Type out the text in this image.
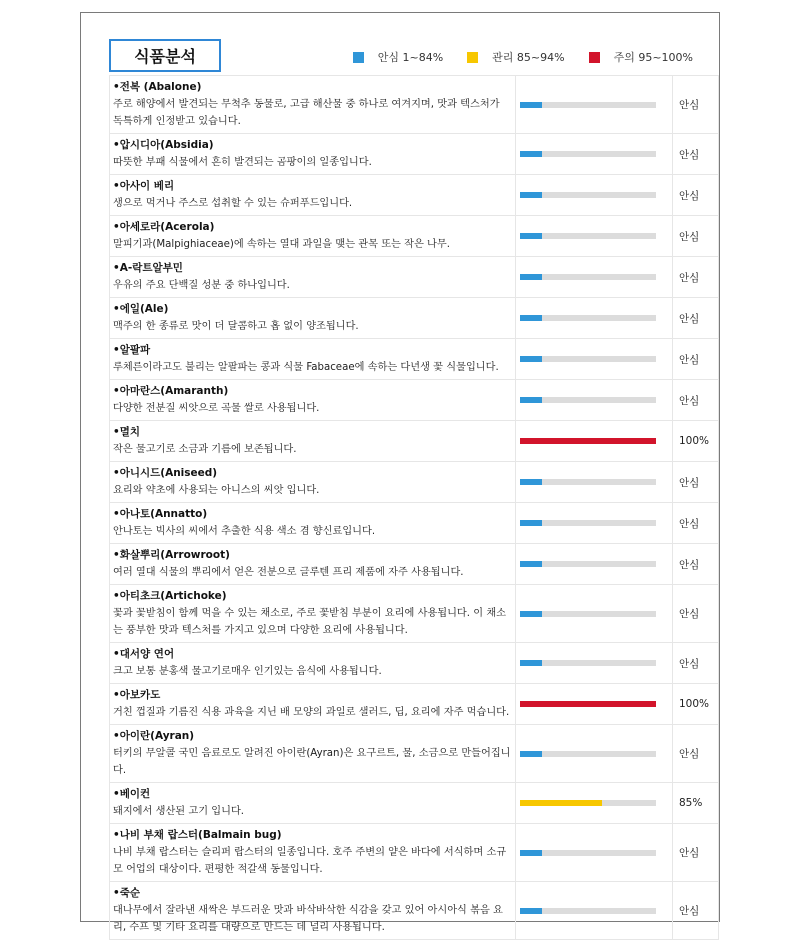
식품분석	안심 1~84%	관리 85~94%	주의 95~100%
•전복 (Abalone)
주로 해양에서 발견되는 무척추 동물로, 고급 해산물 중 하나로 여겨지며, 맛과 텍스처가 독특하게 인정받고 있습니다.		안심

•압시디아(Absidia)
따뜻한 부패 식물에서 흔히 발견되는 곰팡이의 일종입니다.		안심

•아사이 베리
생으로 먹거나 주스로 섭취할 수 있는 슈퍼푸드입니다.		안심

•아세로라(Acerola)
말피기과(Malpighiaceae)에 속하는 열대 과일을 맺는 관목 또는 작은 나무.		안심

•A-락트알부민
우유의 주요 단백질 성분 중 하나입니다.		안심

•에일(Ale)
맥주의 한 종류로 맛이 더 달콤하고 홉 없이 양조됩니다.		안심

•알팔파
루체른이라고도 불리는 알팔파는 콩과 식물 Fabaceae에 속하는 다년생 꽃 식물입니다.		안심

•아마란스(Amaranth)
다양한 전분질 씨앗으로 곡물 쌀로 사용됩니다.		안심

•멸치
작은 물고기로 소금과 기름에 보존됩니다.		100%

•아니시드(Aniseed)
요리와 약초에 사용되는 아니스의 씨앗 입니다.		안심

•아나토(Annatto)
안나토는 빅사의 씨에서 추출한 식용 색소 겸 향신료입니다.		안심

•화살뿌리(Arrowroot)
여러 열대 식물의 뿌리에서 얻은 전분으로 글루텐 프리 제품에 자주 사용됩니다.		안심

•아티초크(Artichoke)
꽃과 꽃받침이 함께 먹을 수 있는 채소로, 주로 꽃받침 부분이 요리에 사용됩니다. 이 채소는 풍부한 맛과 텍스처를 가지고 있으며 다양한 요리에 사용됩니다.		안심

•대서양 연어
크고 보통 분홍색 물고기로매우 인기있는 음식에 사용됩니다.		안심

•아보카도
거친 껍질과 기름진 식용 과육을 지닌 배 모양의 과일로 샐러드, 딥, 요리에 자주 먹습니다.		100%

•아이란(Ayran)
터키의 무알콜 국민 음료로도 알려진 아이란(Ayran)은 요구르트, 물, 소금으로 만들어집니다.		안심

•베이컨
돼지에서 생산된 고기 입니다.		85%

•나비 부채 랍스터(Balmain bug)
나비 부채 랍스터는 슬리퍼 랍스터의 일종입니다. 호주 주변의 얕은 바다에 서식하며 소규모 어업의 대상이다. 편평한 적갈색 동물입니다.		안심

•죽순
대나무에서 잘라낸 새싹은 부드러운 맛과 바삭바삭한 식감을 갖고 있어 아시아식 볶음 요리, 수프 및 기타 요리를 대량으로 만드는 데 널리 사용됩니다.		안심
